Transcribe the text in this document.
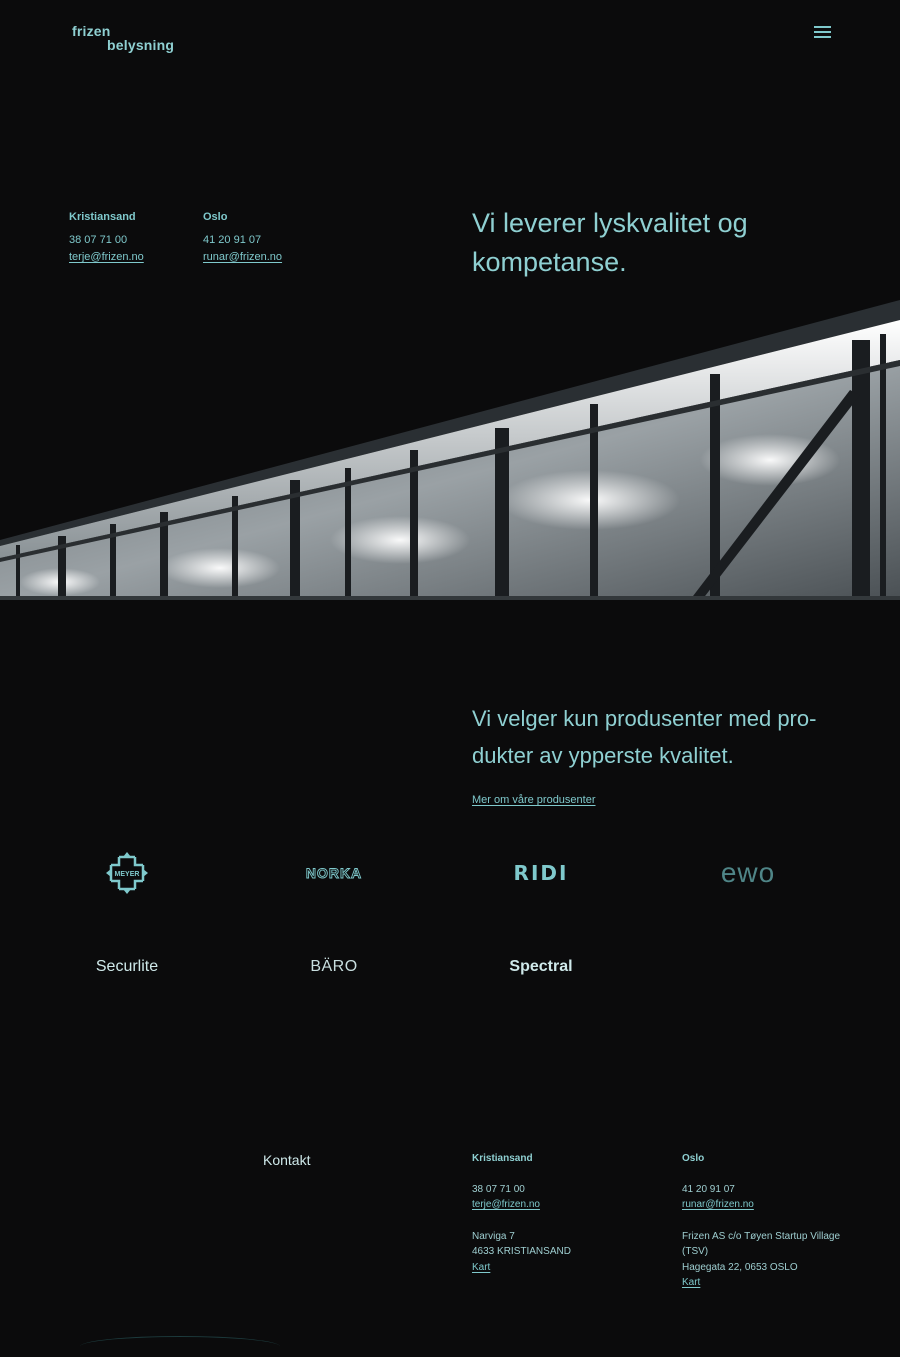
frizen
belysning
Kristiansand
38 07 71 00
terje@frizen.no
Oslo
41 20 91 07
runar@frizen.no
Vi leverer lyskvalitet og kompetanse.
Vi velger kun produsenter med pro- dukter av ypperste kvalitet.
Mer om våre produsenter
MEYER	NORKA	RIDI	ewo
Securlite	BÄRO	Spectral
Kontakt	Kristiansand
38 07 71 00
terje@frizen.no
Narviga 7
4633 KRISTIANSAND
Kart
Oslo
41 20 91 07
runar@frizen.no
Frizen AS c/o Tøyen Startup Village (TSV)
Hagegata 22, 0653 OSLO
Kart
